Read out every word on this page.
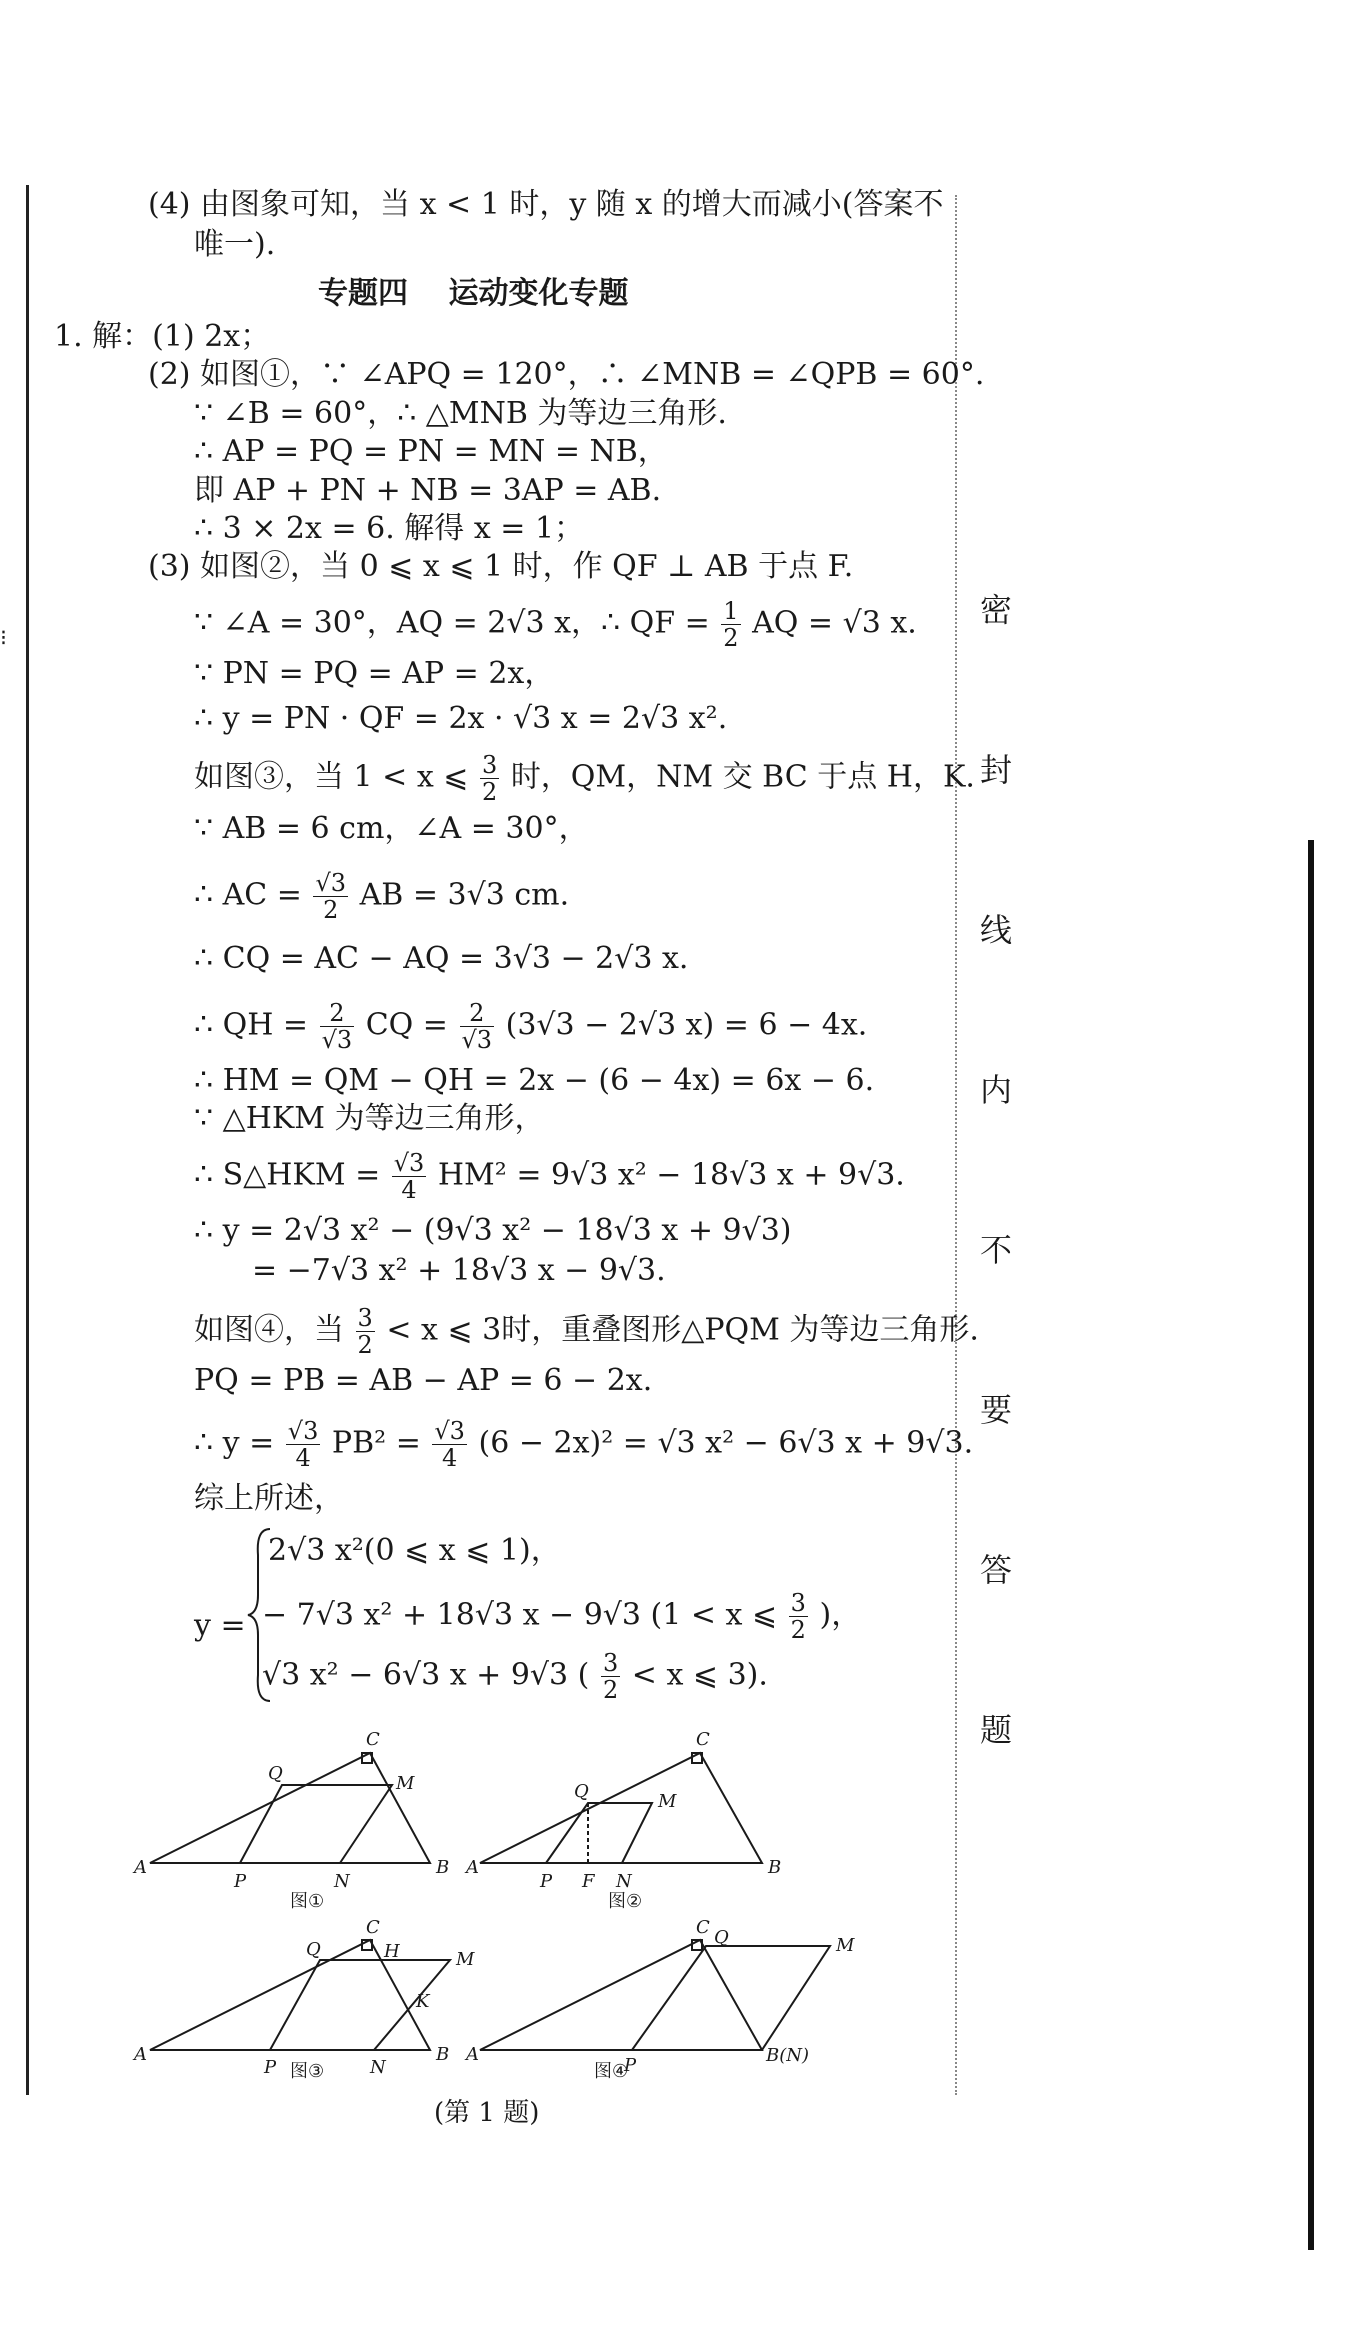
⁝
(4) 由图象可知，当 x < 1 时，y 随 x 的增大而减小(答案不
唯一).
专题四　 运动变化专题
1. 解：(1) 2x；
(2) 如图①，∵ ∠APQ = 120°，∴ ∠MNB = ∠QPB = 60°.
∵ ∠B = 60°，∴ △MNB 为等边三角形.
∴ AP = PQ = PN = MN = NB，
即 AP + PN + NB = 3AP = AB.
∴ 3 × 2x = 6. 解得 x = 1；
(3) 如图②，当 0 ⩽ x ⩽ 1 时，作 QF ⊥ AB 于点 F.
∵ ∠A = 30°，AQ = 2√3 x，∴ QF = $\frac{1}{2}$ AQ = √3 x.
∵ PN = PQ = AP = 2x，
∴ y = PN · QF = 2x · √3 x = 2√3 x².
如图③，当 1 < x ⩽ $\frac{3}{2}$ 时，QM，NM 交 BC 于点 H，K.
∵ AB = 6 cm，∠A = 30°，
∴ AC = $\frac{√3}{2}$ AB = 3√3 cm.
∴ CQ = AC − AQ = 3√3 − 2√3 x.
∴ QH = $\frac{2}{√3}$ CQ = $\frac{2}{√3} (3√3 - 2√3$ x) = 6 − 4x.
∴ HM = QM − QH = 2x − (6 − 4x) = 6x − 6.
∵ △HKM 为等边三角形，
∴ S△HKM = $\frac{√3}{4} HM^2 = 9√3$ x² − 18√3 x + 9√3.
∴ y = 2√3 x² − (9√3 x² − 18√3 x + 9√3)
= −7√3 x² + 18√3 x − 9√3.
如图④，当 $\frac{3}{2} < x$ ⩽ 3时，重叠图形△PQM 为等边三角形.
PQ = PB = AB − AP = 6 − 2x.
∴ $y = \frac{√3}{4} PB^2 = \frac{√3}{4} (6 - 2x)^2 = √3$ x² − 6√3 x + 9√3.
综上所述，
y =
2√3 x²(0 ⩽ x ⩽ 1)，
− 7√3 x² + 18√3 x − 9√3 (1 < x ⩽ $\frac{3}{2}$ )，
√3 x² − 6√3 x + 9√3 ( $\frac{3}{2} < x$ ⩽ 3).
A	B
C
Q	M
P	N
图①
A	B
C
Q	M
P F N
图②
A	B
C
Q	H	M
K
P	N
图③
A
C Q	M
P	B(N)
图④
(第 1 题)
密
封
线
内
不
要
答
题
